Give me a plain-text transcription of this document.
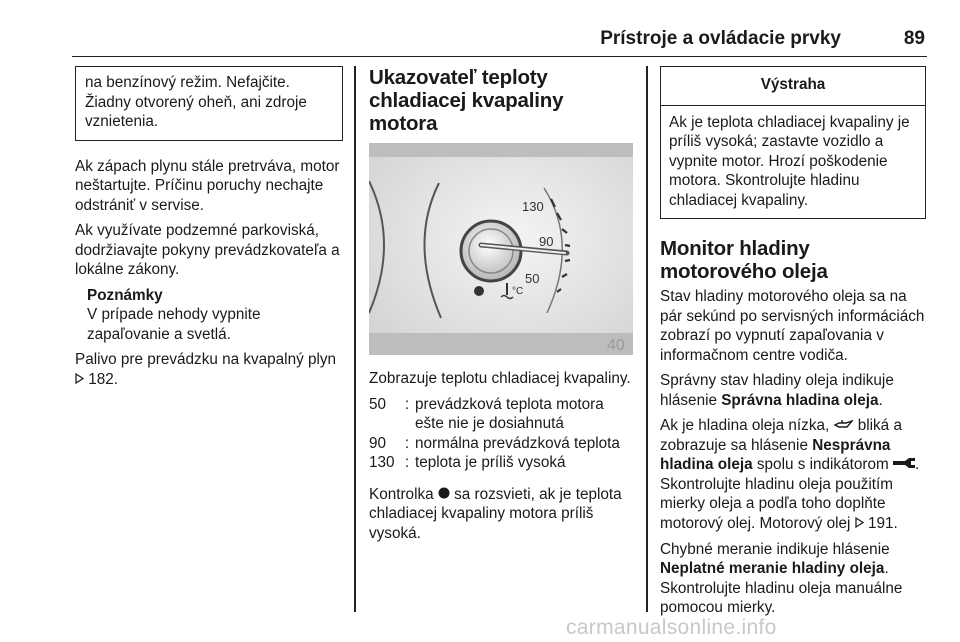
Prístroje a ovládacie prvky	89
na benzínový režim. Nefajčite. Žiadny otvorený oheň, ani zdroje vznietenia.

Ak zápach plynu stále pretrváva, motor neštartujte. Príčinu poruchy nechajte odstrániť v servise.

Ak využívate podzemné parkoviská, dodržiavajte pokyny prevádzkovateľa a lokálne zákony.

Poznámky

V prípade nehody vypnite zapaľovanie a svetlá.

Palivo pre prevádzku na kvapalný plyn  182.

Ukazovateľ teploty chladiacej kvapaliny motora
130
90
50
°C
40

Zobrazuje teplotu chladiacej kvapaliny.

50	:	prevádzková teplota motora ešte nie je dosiahnutá
90	:	normálna prevádzková teplota
130	:	teplota je príliš vysoká

Kontrolka sa rozsvieti, ak je teplota chladiacej kvapaliny motora príliš vysoká.

Výstraha
Ak je teplota chladiacej kvapaliny je príliš vysoká; zastavte vozidlo a vypnite motor. Hrozí poškodenie motora. Skontrolujte hladinu chladiacej kvapaliny.
Monitor hladiny motorového oleja

Stav hladiny motorového oleja sa na pár sekúnd po servisných informáciách zobrazí po vypnutí zapaľovania v informačnom centre vodiča.

Správny stav hladiny oleja indikuje hlásenie Správna hladina oleja.

Ak je hladina oleja nízka, bliká a zobrazuje sa hlásenie Nesprávna hladina oleja spolu s indikátorom . Skontrolujte hladinu oleja použitím mierky oleja a podľa toho doplňte motorový olej. Motorový olej 191.

Chybné meranie indikuje hlásenie Neplatné meranie hladiny oleja. Skontrolujte hladinu oleja manuálne pomocou mierky.

carmanualsonline.info
